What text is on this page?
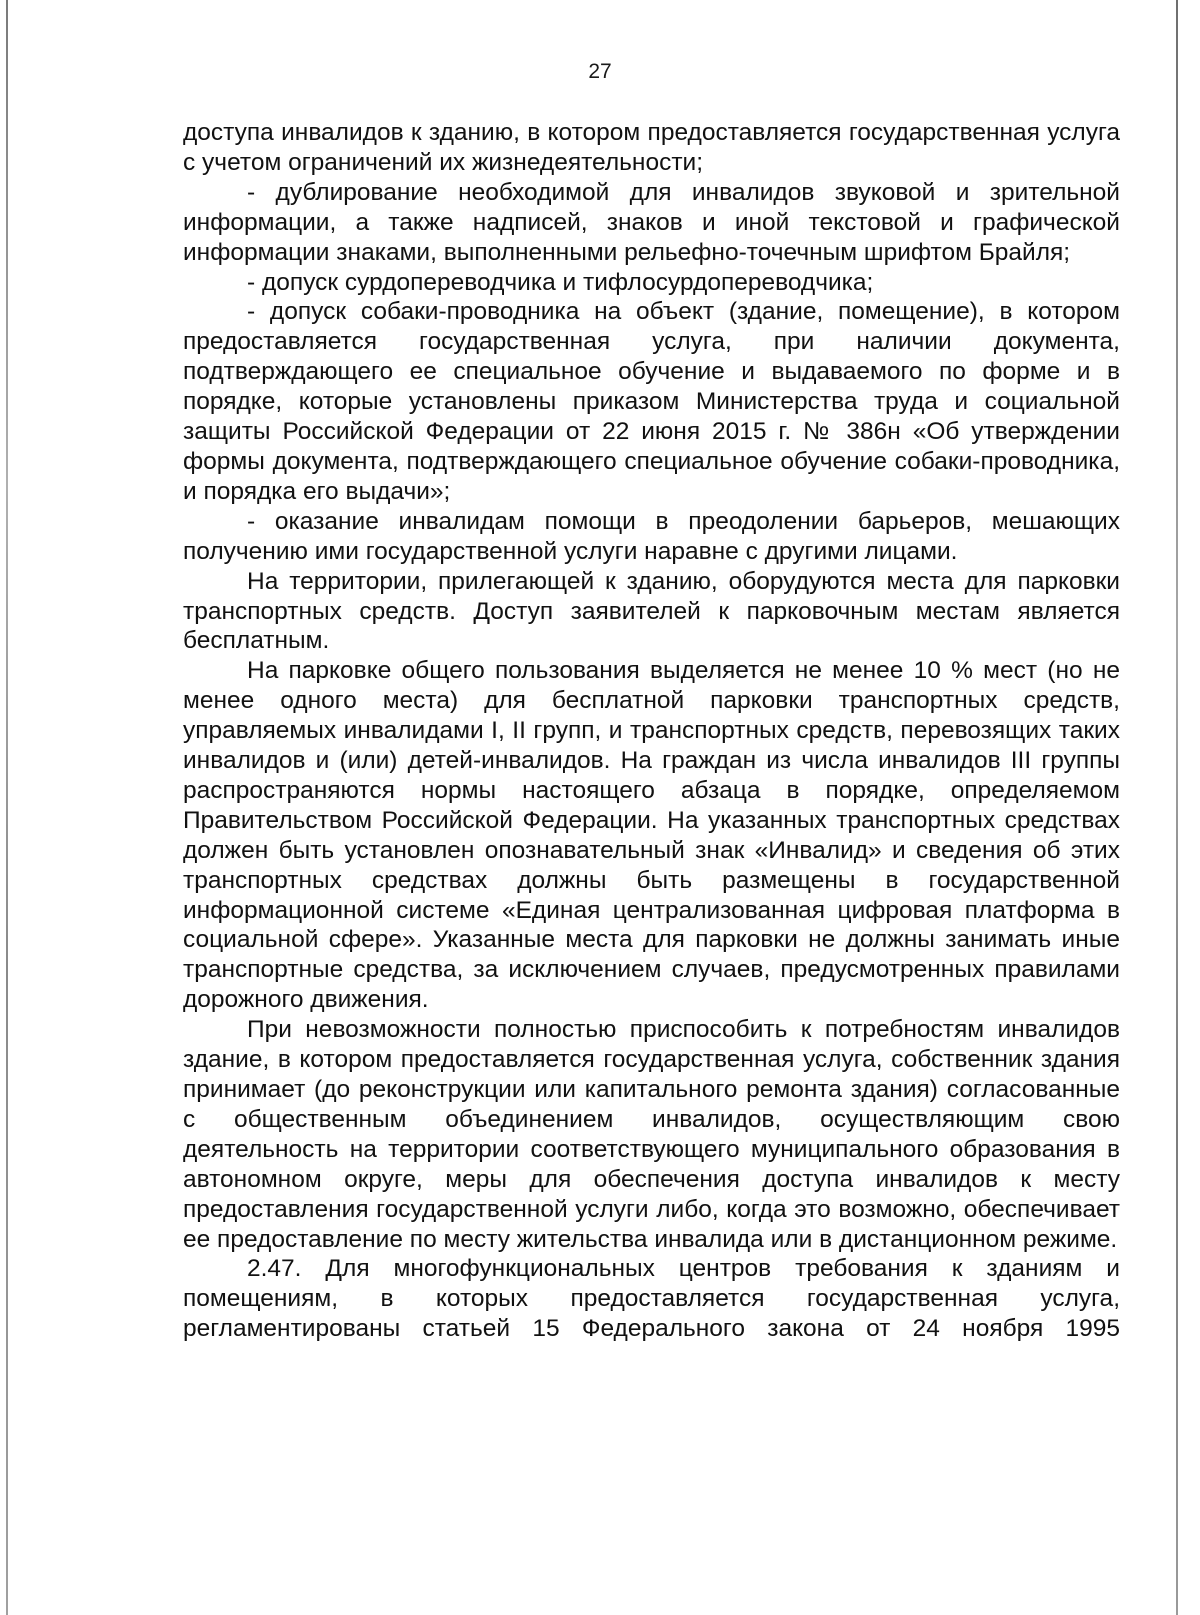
27

доступа инвалидов к зданию, в котором предоставляется государственная услуга с учетом ограничений их жизнедеятельности;

- дублирование необходимой для инвалидов звуковой и зрительной информации, а также надписей, знаков и иной текстовой и графической информации знаками, выполненными рельефно-точечным шрифтом Брайля;

- допуск сурдопереводчика и тифлосурдопереводчика;

- допуск собаки-проводника на объект (здание, помещение), в котором предоставляется государственная услуга, при наличии документа, подтверждающего ее специальное обучение и выдаваемого по форме и в порядке, которые установлены приказом Министерства труда и социальной защиты Российской Федерации от 22 июня 2015 г. № 386н «Об утверждении формы документа, подтверждающего специальное обучение собаки-проводника, и порядка его выдачи»;

- оказание инвалидам помощи в преодолении барьеров, мешающих получению ими государственной услуги наравне с другими лицами.

На территории, прилегающей к зданию, оборудуются места для парковки транспортных средств. Доступ заявителей к парковочным местам является бесплатным.

На парковке общего пользования выделяется не менее 10 % мест (но не менее одного места) для бесплатной парковки транспортных средств, управляемых инвалидами I, II групп, и транспортных средств, перевозящих таких инвалидов и (или) детей-инвалидов. На граждан из числа инвалидов III группы распространяются нормы настоящего абзаца в порядке, определяемом Правительством Российской Федерации. На указанных транспортных средствах должен быть установлен опознавательный знак «Инвалид» и сведения об этих транспортных средствах должны быть размещены в государственной информационной системе «Единая централизованная цифровая платформа в социальной сфере». Указанные места для парковки не должны занимать иные транспортные средства, за исключением случаев, предусмотренных правилами дорожного движения.

При невозможности полностью приспособить к потребностям инвалидов здание, в котором предоставляется государственная услуга, собственник здания принимает (до реконструкции или капитального ремонта здания) согласованные с общественным объединением инвалидов, осуществляющим свою деятельность на территории соответствующего муниципального образования в автономном округе, меры для обеспечения доступа инвалидов к месту предоставления государственной услуги либо, когда это возможно, обеспечивает ее предоставление по месту жительства инвалида или в дистанционном режиме.

2.47. Для многофункциональных центров требования к зданиям и помещениям, в которых предоставляется государственная услуга, регламентированы статьей 15 Федерального закона от 24 ноября 1995
